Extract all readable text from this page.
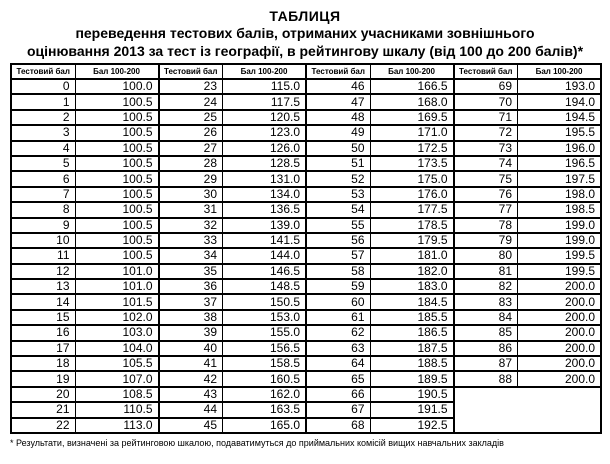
ТАБЛИЦЯ
переведення тестових балів, отриманих учасниками зовнішнього
оцінювання 2013 за тест із географії, в рейтингову шкалу (від 100 до 200 балів)*
Тестовий бал	Бал 100-200	Тестовий бал	Бал 100-200	Тестовий бал	Бал 100-200	Тестовий бал	Бал 100-200
0	100.0	23	115.0	46	166.5	69	193.0
1	100.5	24	117.5	47	168.0	70	194.0
2	100.5	25	120.5	48	169.5	71	194.5
3	100.5	26	123.0	49	171.0	72	195.5
4	100.5	27	126.0	50	172.5	73	196.0
5	100.5	28	128.5	51	173.5	74	196.5
6	100.5	29	131.0	52	175.0	75	197.5
7	100.5	30	134.0	53	176.0	76	198.0
8	100.5	31	136.5	54	177.5	77	198.5
9	100.5	32	139.0	55	178.5	78	199.0
10	100.5	33	141.5	56	179.5	79	199.0
11	100.5	34	144.0	57	181.0	80	199.5
12	101.0	35	146.5	58	182.0	81	199.5
13	101.0	36	148.5	59	183.0	82	200.0
14	101.5	37	150.5	60	184.5	83	200.0
15	102.0	38	153.0	61	185.5	84	200.0
16	103.0	39	155.0	62	186.5	85	200.0
17	104.0	40	156.5	63	187.5	86	200.0
18	105.5	41	158.5	64	188.5	87	200.0
19	107.0	42	160.5	65	189.5	88	200.0
20	108.5	43	162.0	66	190.5		
21	110.5	44	163.5	67	191.5		
22	113.0	45	165.0	68	192.5		
* Результати, визначені за рейтинговою шкалою, подаватимуться до приймальних комісій вищих навчальних закладів
